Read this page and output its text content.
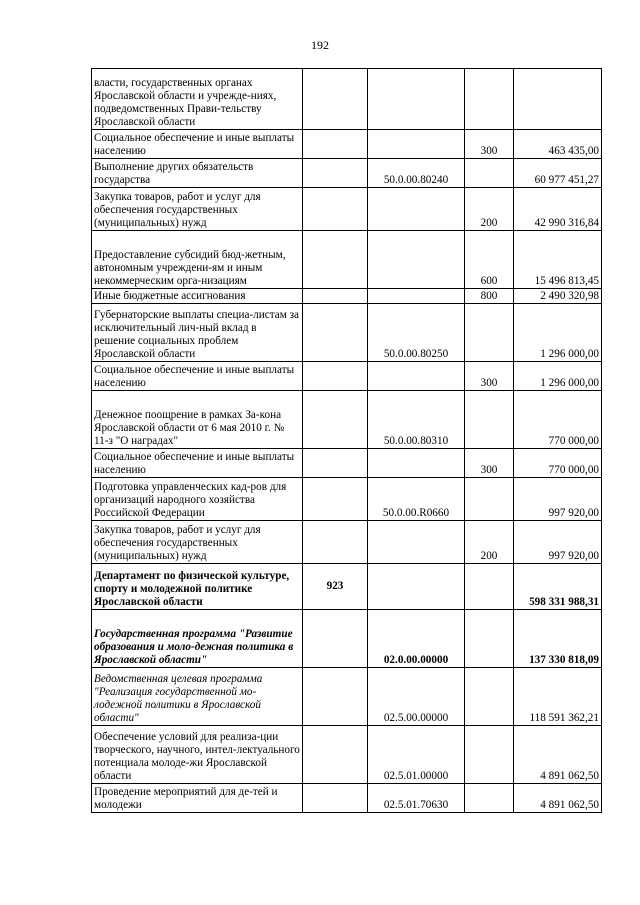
192
власти, государственных органах Ярославской области и учрежде-ниях, подведомственных Прави-тельству Ярославской области				
Социальное обеспечение и иные выплаты населению			300	463 435,00
Выполнение других обязательств государства		50.0.00.80240		60 977 451,27
Закупка товаров, работ и услуг для обеспечения государственных (муниципальных) нужд			200	42 990 316,84
Предоставление субсидий бюд-жетным, автономным учреждени-ям и иным некоммерческим орга-низациям			600	15 496 813,45
Иные бюджетные ассигнования			800	2 490 320,98
Губернаторские выплаты специа-листам за исключительный лич-ный вклад в решение социальных проблем Ярославской области		50.0.00.80250		1 296 000,00
Социальное обеспечение и иные выплаты населению			300	1 296 000,00
Денежное поощрение в рамках За-кона Ярославской области от 6 мая 2010 г. № 11-з "О наградах"		50.0.00.80310		770 000,00
Социальное обеспечение и иные выплаты населению			300	770 000,00
Подготовка управленческих кад-ров для организаций народного хозяйства Российской Федерации		50.0.00.R0660		997 920,00
Закупка товаров, работ и услуг для обеспечения государственных (муниципальных) нужд			200	997 920,00
Департамент по физической культуре, спорту и молодежной политике Ярославской области	923			598 331 988,31
Государственная программа "Развитие образования и моло-дежная политика в Ярославской области"		02.0.00.00000		137 330 818,09
Ведомственная целевая программа "Реализация государственной мо-лодежной политики в Ярославской области"		02.5.00.00000		118 591 362,21
Обеспечение условий для реализа-ции творческого, научного, интел-лектуального потенциала молоде-жи Ярославской области		02.5.01.00000		4 891 062,50
Проведение мероприятий для де-тей и молодежи		02.5.01.70630		4 891 062,50
